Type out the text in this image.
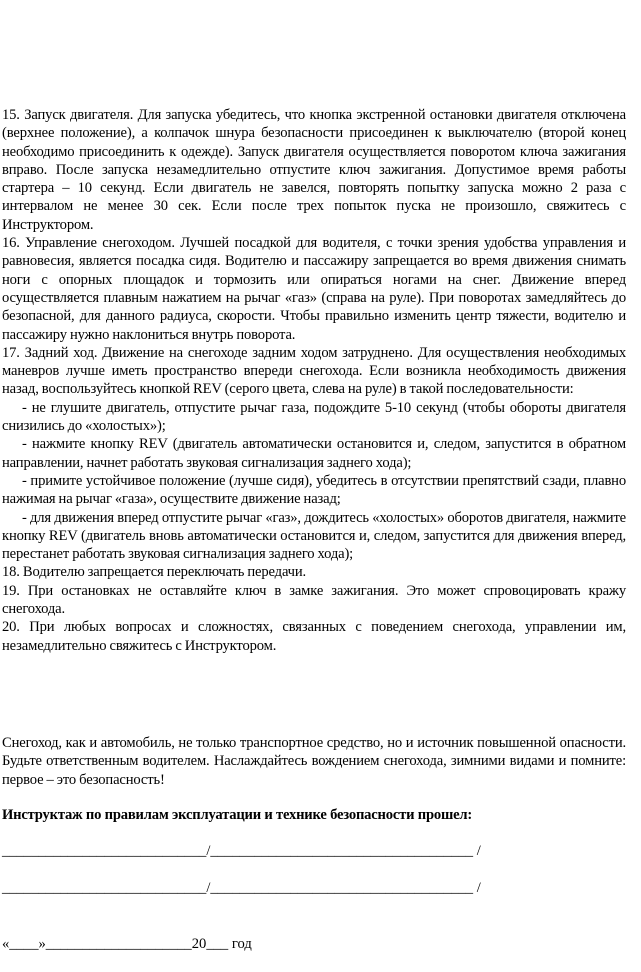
15. Запуск двигателя. Для запуска убедитесь, что кнопка экстренной остановки двигателя отключена (верхнее положение), а колпачок шнура безопасности присоединен к выключателю (второй конец необходимо присоединить к одежде). Запуск двигателя осуществляется поворотом ключа зажигания вправо. После запуска незамедлительно отпустите ключ зажигания. Допустимое время работы стартера – 10 секунд. Если двигатель не завелся, повторять попытку запуска можно 2 раза с интервалом не менее 30 сек. Если после трех попыток пуска не произошло, свяжитесь с Инструктором.

16. Управление снегоходом. Лучшей посадкой для водителя, с точки зрения удобства управления и равновесия, является посадка сидя. Водителю и пассажиру запрещается во время движения снимать ноги с опорных площадок и тормозить или опираться ногами на снег. Движение вперед осуществляется плавным нажатием на рычаг «газ» (справа на руле). При поворотах замедляйтесь до безопасной, для данного радиуса, скорости. Чтобы правильно изменить центр тяжести, водителю и пассажиру нужно наклониться внутрь поворота.

17. Задний ход. Движение на снегоходе задним ходом затруднено. Для осуществления необходимых маневров лучше иметь пространство впереди снегохода. Если возникла необходимость движения назад, воспользуйтесь кнопкой REV (серого цвета, слева на руле) в такой последовательности:

- не глушите двигатель, отпустите рычаг газа, подождите 5-10 секунд (чтобы обороты двигателя снизились до «холостых»);

- нажмите кнопку REV (двигатель автоматически остановится и, следом, запустится в обратном направлении, начнет работать звуковая сигнализация заднего хода);

- примите устойчивое положение (лучше сидя), убедитесь в отсутствии препятствий сзади, плавно нажимая на рычаг «газа», осуществите движение назад;

- для движения вперед отпустите рычаг «газ», дождитесь «холостых» оборотов двигателя, нажмите кнопку REV (двигатель вновь автоматически остановится и, следом, запустится для движения вперед, перестанет работать звуковая сигнализация заднего хода);

18. Водителю запрещается переключать передачи.

19. При остановках не оставляйте ключ в замке зажигания. Это может спровоцировать кражу снегохода.

20. При любых вопросах и сложностях, связанных с поведением снегохода, управлении им, незамедлительно свяжитесь с Инструктором.

Снегоход, как и автомобиль, не только транспортное средство, но и источник повышенной опасности. Будьте ответственным водителем. Наслаждайтесь вождением снегохода, зимними видами и помните: первое – это безопасность!

Инструктаж по правилам эксплуатации и технике безопасности прошел:
____________________________/____________________________________ /
____________________________/____________________________________ /
«____»____________________20___ год
